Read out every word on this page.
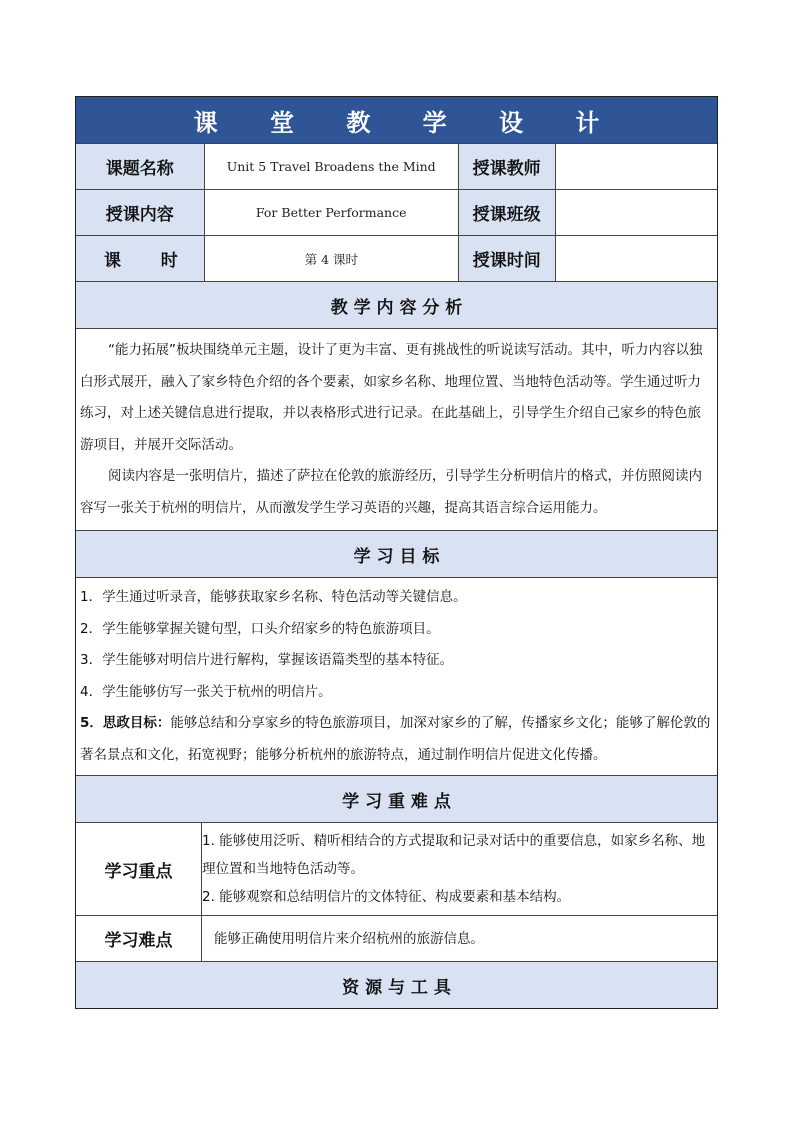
课 堂 教 学 设 计
课题名称	Unit 5 Travel Broadens the Mind	授课教师
授课内容	For Better Performance	授课班级
课 时	第 4 课时	授课时间
教 学 内 容 分 析

“能力拓展”板块围绕单元主题，设计了更为丰富、更有挑战性的听说读写活动。其中，听力内容以独白形式展开，融入了家乡特色介绍的各个要素，如家乡名称、地理位置、当地特色活动等。学生通过听力练习，对上述关键信息进行提取，并以表格形式进行记录。在此基础上，引导学生介绍自己家乡的特色旅游项目，并展开交际活动。

阅读内容是一张明信片，描述了萨拉在伦敦的旅游经历，引导学生分析明信片的格式，并仿照阅读内容写一张关于杭州的明信片，从而激发学生学习英语的兴趣，提高其语言综合运用能力。

学 习 目 标

1．学生通过听录音，能够获取家乡名称、特色活动等关键信息。

2．学生能够掌握关键句型，口头介绍家乡的特色旅游项目。

3．学生能够对明信片进行解构，掌握该语篇类型的基本特征。

4．学生能够仿写一张关于杭州的明信片。

5．思政目标：能够总结和分享家乡的特色旅游项目，加深对家乡的了解，传播家乡文化；能够了解伦敦的著名景点和文化，拓宽视野；能够分析杭州的旅游特点，通过制作明信片促进文化传播。

学 习 重 难 点
学习重点

1. 能够使用泛听、精听相结合的方式提取和记录对话中的重要信息，如家乡名称、地理位置和当地特色活动等。

2. 能够观察和总结明信片的文体特征、构成要素和基本结构。

学习难点	能够正确使用明信片来介绍杭州的旅游信息。

资 源 与 工 具
